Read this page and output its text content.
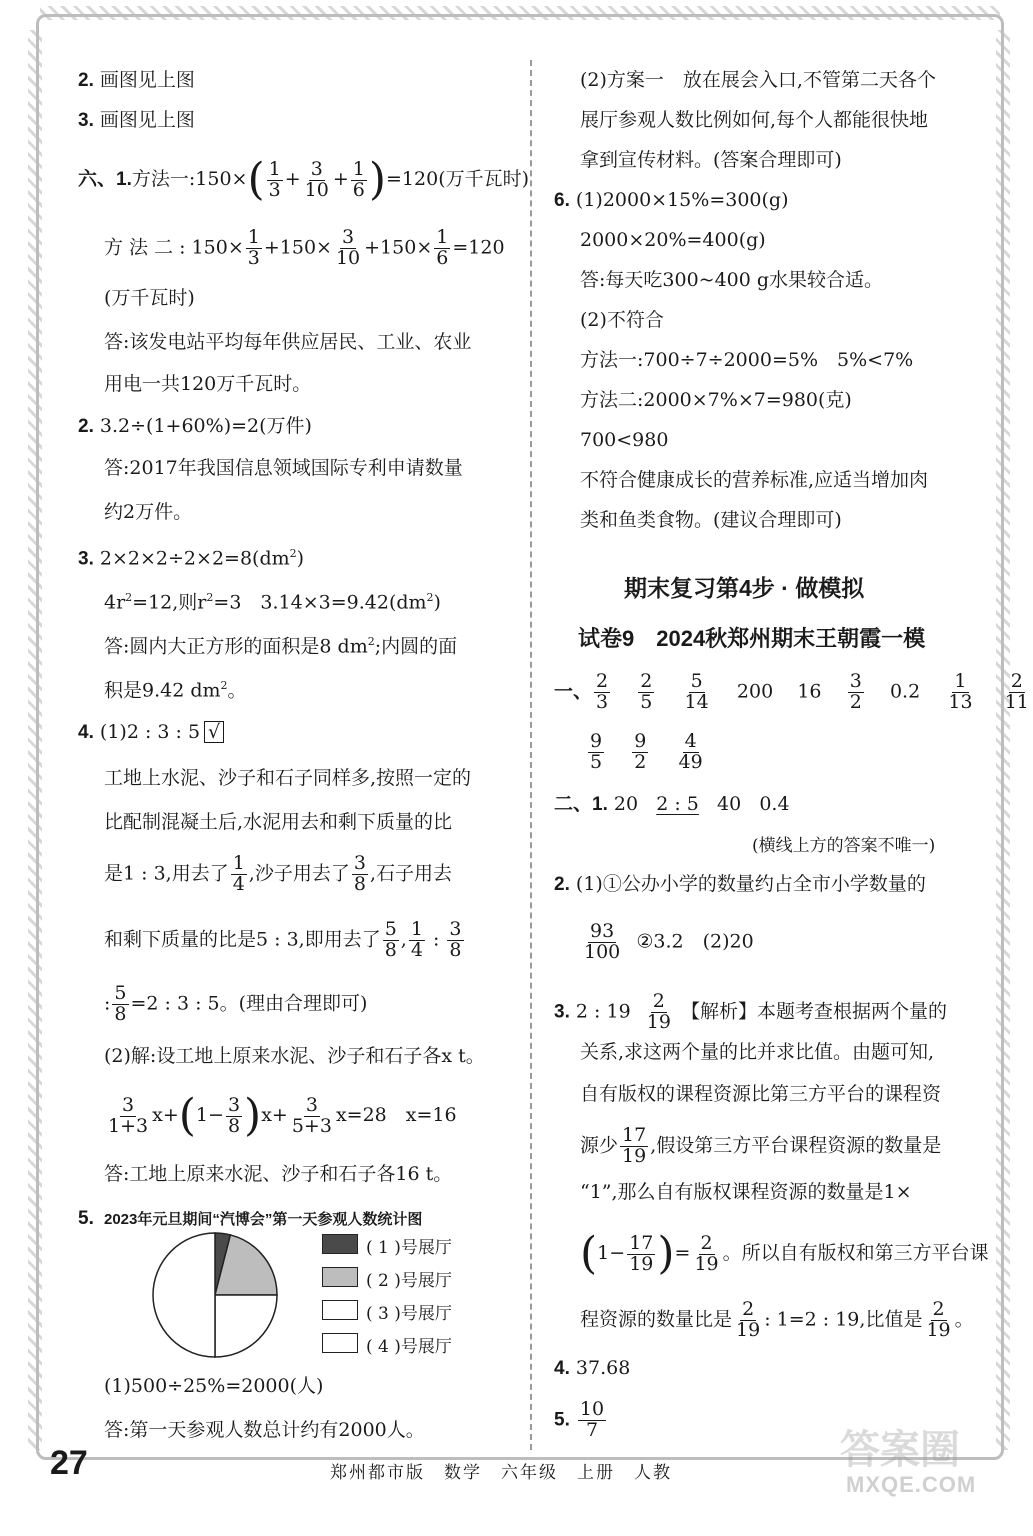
2. 画图见上图
3. 画图见上图
六、1.方法一:150×( $\frac{1}{3} + \frac{3}{10} + \frac{1}{6} )=120$(万千瓦时)
方 法 二 : $150\times \frac{1}{3} +150\times \frac{3}{10} +150\times \frac{1}{6} =120$
(万千瓦时)
答:该发电站平均每年供应居民、工业、农业
用电一共120万千瓦时。
2. 3.2÷(1+60%)=2(万件)
答:2017年我国信息领域国际专利申请数量
约2万件。
3. $2\times 2\times 2\div 2\times 2=8(dm^2)$
$4r^2=12$,则$r^2=3$　$3.14\times 3=9.42(dm^2)$
答:圆内大正方形的面积是8 $dm^2$;内圆的面
积是9.42 $dm^2$。
4. (1)2 : 3 : 5 √
工地上水泥、沙子和石子同样多,按照一定的
比配制混凝土后,水泥用去和剩下质量的比
是1 : 3,用去了 $\frac{1}{4}$ ,沙子用去了 $\frac{3}{8}$ ,石子用去
和剩下质量的比是5 : 3,即用去了 $\frac{5}{8}$ , $\frac{1}{4}$ : $\frac{3}{8}$
: $\frac{5}{8} =2$ : 3 : 5。(理由合理即可)
(2)解:设工地上原来水泥、沙子和石子各x t。
$\frac{3}{1+3} x+(1- \frac{3}{8} )x+ \frac{3}{5+3} x=28$　x=16
答:工地上原来水泥、沙子和石子各16 t。
5. 2023年元旦期间“汽博会”第一天参观人数统计图
( 1 )号展厅
( 2 )号展厅
( 3 )号展厅
( 4 )号展厅
(1)500÷25%=2000(人)
答:第一天参观人数总计约有2000人。
(2)方案一　放在展会入口,不管第二天各个
展厅参观人数比例如何,每个人都能很快地
拿到宣传材料。(答案合理即可)
6. (1)2000×15%=300(g)
2000×20%=400(g)
答:每天吃300~400 g水果较合适。
(2)不符合
方法一:700÷7÷2000=5%　5%<7%
方法二:2000×7%×7=980(克)
700<980
不符合健康成长的营养标准,应适当增加肉
类和鱼类食物。(建议合理即可)
期末复习第4步 · 做模拟
试卷9　2024秋郑州期末王朝霞一模
一、 $\frac{2}{3}$
$\frac{2}{5}$
$\frac{5}{14} 200$ $16 \frac{3}{2} 0.2 \frac{1}{13}$
$\frac{2}{11}$
$\frac{9}{5}$
$\frac{9}{2}$
$\frac{4}{49}$
二、1. 20 2 : 5 40 0.4
(横线上方的答案不唯一)
2. (1)①公办小学的数量约占全市小学数量的
$\frac{93}{100}$ ②3.2　(2)20
3. 2 : $19 \frac{2}{19}$ 【解析】本题考查根据两个量的
关系,求这两个量的比并求比值。由题可知,
自有版权的课程资源比第三方平台的课程资
源少 $\frac{17}{19}$ ,假设第三方平台课程资源的数量是
“1”,那么自有版权课程资源的数量是1×
($1- \frac{17}{19}$ )= $\frac{2}{19}$ 。所以自有版权和第三方平台课
程资源的数量比是 $\frac{2}{19}$ : 1=2 : 19,比值是 $\frac{2}{19}$ 。
4. 37.68
5. $\frac{10}{7}$
27	郑州都市版　数学　六年级　上册　人教
答案圈
MXQE.COM
